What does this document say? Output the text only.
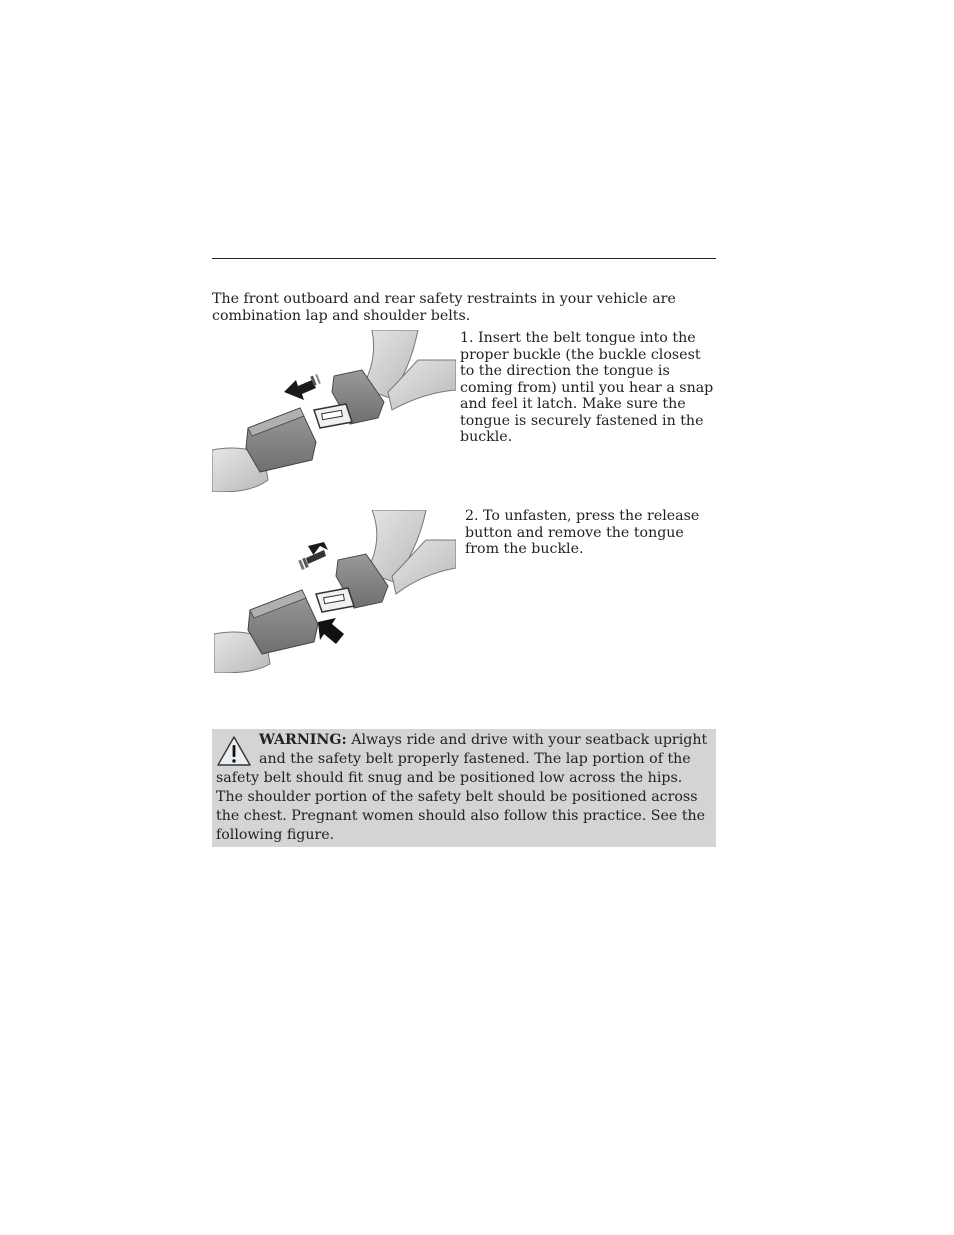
The front outboard and rear safety restraints in your vehicle are combination lap and shoulder belts.

1. Insert the belt tongue into the proper buckle (the buckle closest to the direction the tongue is coming from) until you hear a snap and feel it latch. Make sure the tongue is securely fastened in the buckle.

2. To unfasten, press the release button and remove the tongue from the buckle.

WARNING: Always ride and drive with your seatback upright and the safety belt properly fastened. The lap portion of the safety belt should fit snug and be positioned low across the hips. The shoulder portion of the safety belt should be positioned across the chest. Pregnant women should also follow this practice. See the following figure.
